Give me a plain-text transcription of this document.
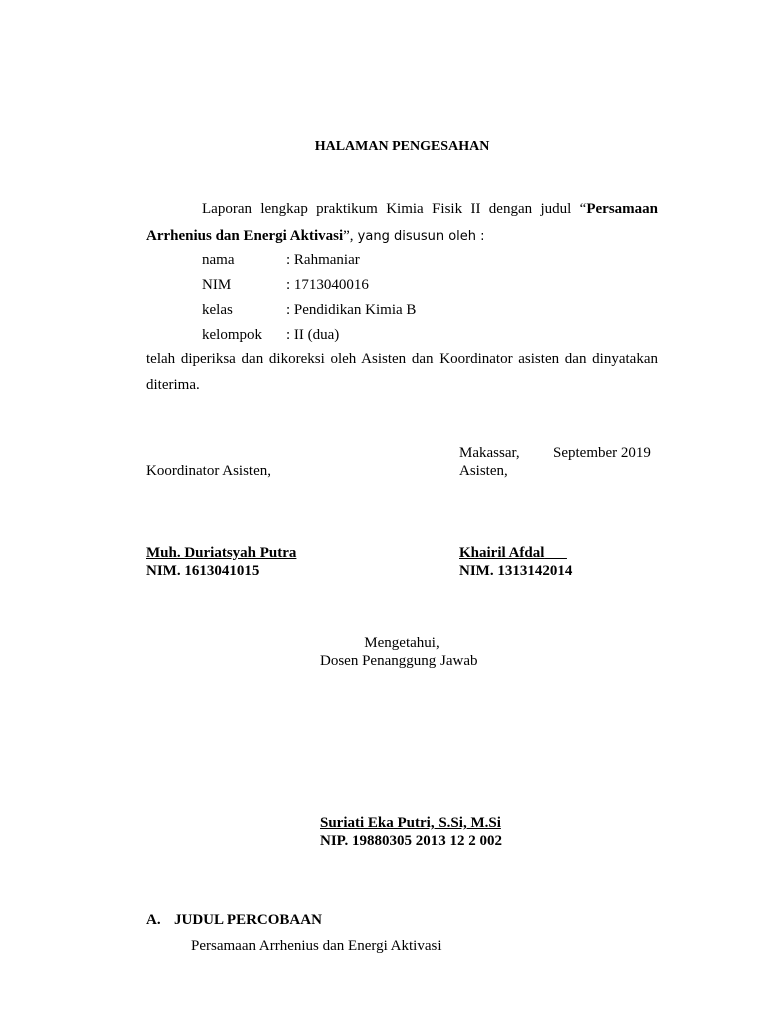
HALAMAN PENGESAHAN
Laporan lengkap praktikum Kimia Fisik II dengan judul “Persamaan
Arrhenius dan Energi Aktivasi”, yang disusun oleh :
nama	: Rahmaniar
NIM	: 1713040016
kelas	: Pendidikan Kimia B
kelompok : II (dua)
telah diperiksa dan dikoreksi oleh Asisten dan Koordinator asisten dan dinyatakan
diterima.
Makassar, September 2019
Koordinator Asisten,	Asisten,
Muh. Duriatsyah Putra
NIM. 1613041015
Khairil Afdal
NIM. 1313142014
Mengetahui,
Dosen Penanggung Jawab
Suriati Eka Putri, S.Si, M.Si
NIP. 19880305 2013 12 2 002
A. JUDUL PERCOBAAN
Persamaan Arrhenius dan Energi Aktivasi
